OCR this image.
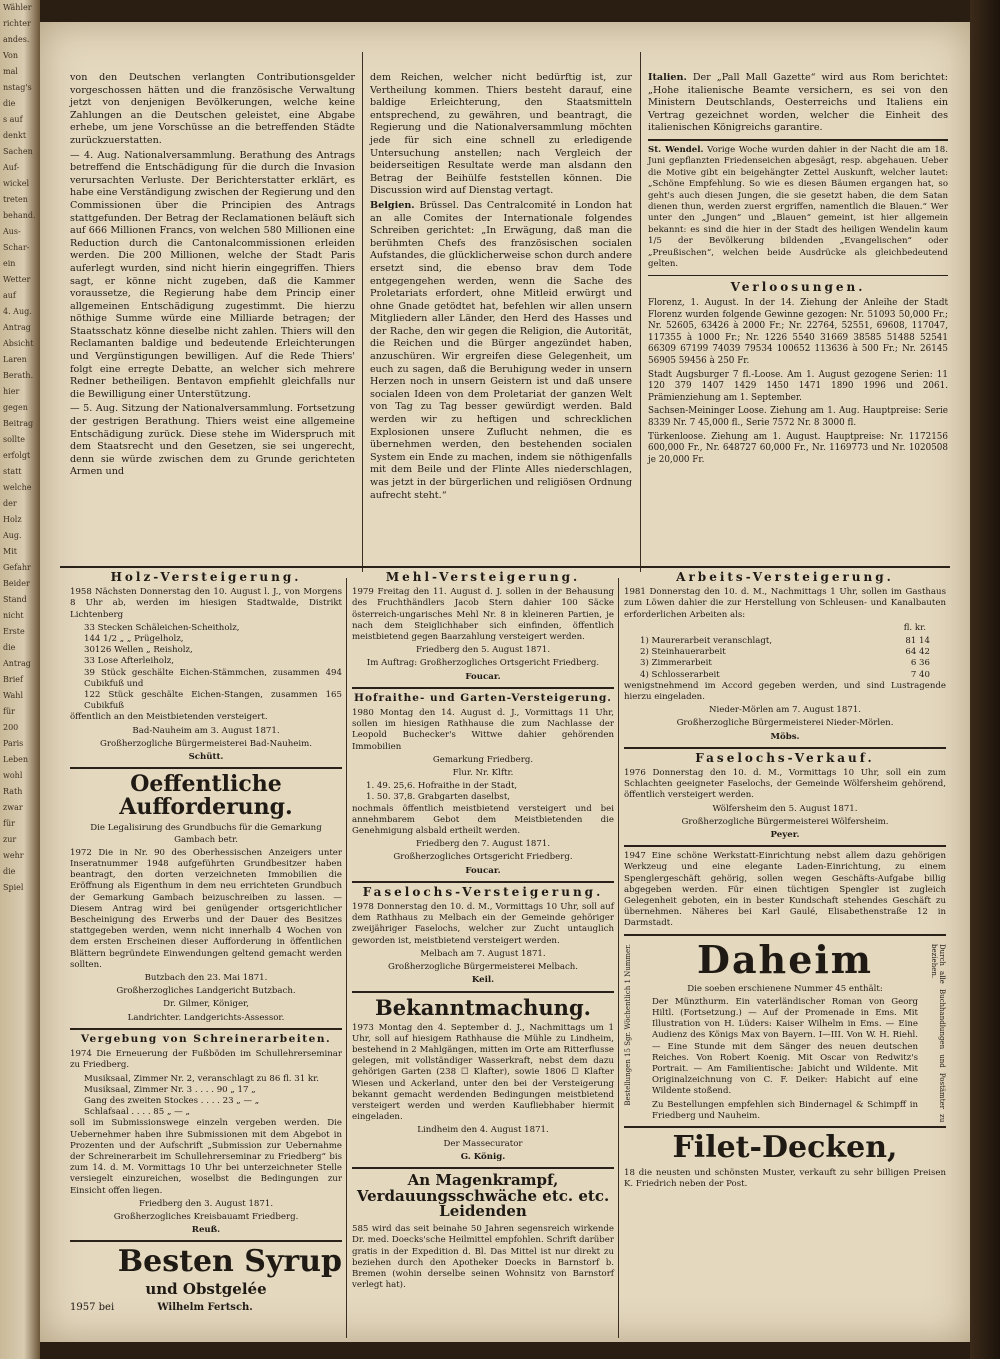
Wähler
richter
andes.
Von
mal
nstag's
die
s auf
denkt
Sachen
Auf-
wickel
treten
behand.
Aus-
Schar-
ein
Wetter
auf
4. Aug.
Antrag
Absicht
Laren
Berath.
hier
gegen
Beitrag
sollte
erfolgt
statt
welche
der
Holz
Aug.
Mit
Gefahr
Beider
Stand
nicht
Erste
die
Antrag
Brief
Wahl
für
200
Paris
Leben
wohl
Rath
zwar
für
zur
wehr
die
Spiel

von den Deutschen verlangten Contributionsgelder vorgeschossen hätten und die französische Verwaltung jetzt von denjenigen Bevölkerungen, welche keine Zahlungen an die Deutschen geleistet, eine Abgabe erhebe, um jene Vorschüsse an die betreffenden Städte zurückzuerstatten.

— 4. Aug. Nationalversammlung. Berathung des Antrags betreffend die Entschädigung für die durch die Invasion verursachten Verluste. Der Berichterstatter erklärt, es habe eine Verständigung zwischen der Regierung und den Commissionen über die Principien des Antrags stattgefunden. Der Betrag der Reclamationen beläuft sich auf 666 Millionen Francs, von welchen 580 Millionen eine Reduction durch die Cantonalcommissionen erleiden werden. Die 200 Millionen, welche der Stadt Paris auferlegt wurden, sind nicht hierin eingegriffen. Thiers sagt, er könne nicht zugeben, daß die Kammer voraussetze, die Regierung habe dem Princip einer allgemeinen Entschädigung zugestimmt. Die hierzu nöthige Summe würde eine Milliarde betragen; der Staatsschatz könne dieselbe nicht zahlen. Thiers will den Reclamanten baldige und bedeutende Erleichterungen und Vergünstigungen bewilligen. Auf die Rede Thiers' folgt eine erregte Debatte, an welcher sich mehrere Redner betheiligen. Bentavon empfiehlt gleichfalls nur die Bewilligung einer Unterstützung.

— 5. Aug. Sitzung der Nationalversammlung. Fortsetzung der gestrigen Berathung. Thiers weist eine allgemeine Entschädigung zurück. Diese stehe im Widerspruch mit dem Staatsrecht und den Gesetzen, sie sei ungerecht, denn sie würde zwischen dem zu Grunde gerichteten Armen und

dem Reichen, welcher nicht bedürftig ist, zur Vertheilung kommen. Thiers besteht darauf, eine baldige Erleichterung, den Staatsmitteln entsprechend, zu gewähren, und beantragt, die Regierung und die Nationalversammlung möchten jede für sich eine schnell zu erledigende Untersuchung anstellen; nach Vergleich der beiderseitigen Resultate werde man alsdann den Betrag der Beihülfe feststellen können. Die Discussion wird auf Dienstag vertagt.

Belgien. Brüssel. Das Centralcomité in London hat an alle Comites der Internationale folgendes Schreiben gerichtet: „In Erwägung, daß man die berühmten Chefs des französischen socialen Aufstandes, die glücklicherweise schon durch andere ersetzt sind, die ebenso brav dem Tode entgegengehen werden, wenn die Sache des Proletariats erfordert, ohne Mitleid erwürgt und ohne Gnade getödtet hat, befehlen wir allen unsern Mitgliedern aller Länder, den Herd des Hasses und der Rache, den wir gegen die Religion, die Autorität, die Reichen und die Bürger angezündet haben, anzuschüren. Wir ergreifen diese Gelegenheit, um euch zu sagen, daß die Beruhigung weder in unsern Herzen noch in unsern Geistern ist und daß unsere socialen Ideen von dem Proletariat der ganzen Welt von Tag zu Tag besser gewürdigt werden. Bald werden wir zu heftigen und schrecklichen Explosionen unsere Zuflucht nehmen, die es übernehmen werden, den bestehenden socialen System ein Ende zu machen, indem sie nöthigenfalls mit dem Beile und der Flinte Alles niederschlagen, was jetzt in der bürgerlichen und religiösen Ordnung aufrecht steht.“

Italien. Der „Pall Mall Gazette“ wird aus Rom berichtet: „Hohe italienische Beamte versichern, es sei von den Ministern Deutschlands, Oesterreichs und Italiens ein Vertrag gezeichnet worden, welcher die Einheit des italienischen Königreichs garantire.

St. Wendel. Vorige Woche wurden dahier in der Nacht die am 18. Juni gepflanzten Friedenseichen abgesägt, resp. abgehauen. Ueber die Motive gibt ein beigehängter Zettel Auskunft, welcher lautet: „Schöne Empfehlung. So wie es diesen Bäumen ergangen hat, so geht's auch diesen Jungen, die sie gesetzt haben, die dem Satan dienen thun, werden zuerst ergriffen, namentlich die Blauen.“ Wer unter den „Jungen“ und „Blauen“ gemeint, ist hier allgemein bekannt: es sind die hier in der Stadt des heiligen Wendelin kaum 1/5 der Bevölkerung bildenden „Evangelischen“ oder „Preußischen“, welchen beide Ausdrücke als gleichbedeutend gelten.

Verloosungen.

Florenz, 1. August. In der 14. Ziehung der Anleihe der Stadt Florenz wurden folgende Gewinne gezogen: Nr. 51093 50,000 Fr.; Nr. 52605, 63426 à 2000 Fr.; Nr. 22764, 52551, 69608, 117047, 117355 à 1000 Fr.; Nr. 1226 5540 31669 38585 51488 52541 66309 67199 74039 79534 100652 113636 à 500 Fr.; Nr. 26145 56905 59456 à 250 Fr.

Stadt Augsburger 7 fl.-Loose. Am 1. August gezogene Serien: 11 120 379 1407 1429 1450 1471 1890 1996 und 2061. Prämienziehung am 1. September.

Sachsen-Meininger Loose. Ziehung am 1. Aug. Hauptpreise: Serie 8339 Nr. 7 45,000 fl., Serie 7572 Nr. 8 3000 fl.

Türkenloose. Ziehung am 1. August. Hauptpreise: Nr. 1172156 600,000 Fr., Nr. 648727 60,000 Fr., Nr. 1169773 und Nr. 1020508 je 20,000 Fr.

Holz-Versteigerung.

1958 Nächsten Donnerstag den 10. August l. J., von Morgens 8 Uhr ab, werden im hiesigen Stadtwalde, Distrikt Lichtenberg

33 Stecken Schäleichen-Scheitholz,
144 1/2 „ „ Prügelholz,
30126 Wellen „ Reisholz,
33 Lose Afterleiholz,
39 Stück geschälte Eichen-Stämmchen, zusammen 494 Cubikfuß und
122 Stück geschälte Eichen-Stangen, zusammen 165 Cubikfuß

öffentlich an den Meistbietenden versteigert.

Bad-Nauheim am 3. August 1871.

Großherzogliche Bürgermeisterei Bad-Nauheim.

Schütt.

Oeffentliche Aufforderung.

Die Legalisirung des Grundbuchs für die Gemarkung Gambach betr.

1972 Die in Nr. 90 des Oberhessischen Anzeigers unter Inseratnummer 1948 aufgeführten Grundbesitzer haben beantragt, den dorten verzeichneten Immobilien die Eröffnung als Eigenthum in dem neu errichteten Grundbuch der Gemarkung Gambach beizuschreiben zu lassen. — Diesem Antrag wird bei genügender ortsgerichtlicher Bescheinigung des Erwerbs und der Dauer des Besitzes stattgegeben werden, wenn nicht innerhalb 4 Wochen von dem ersten Erscheinen dieser Aufforderung in öffentlichen Blättern begründete Einwendungen geltend gemacht werden sollten.

Butzbach den 23. Mai 1871.

Großherzogliches Landgericht Butzbach.

Dr. Gilmer, Königer,

Landrichter. Landgerichts-Assessor.

Vergebung von Schreinerarbeiten.

1974 Die Erneuerung der Fußböden im Schullehrerseminar zu Friedberg.

Musiksaal, Zimmer Nr. 2, veranschlagt zu 86 fl. 31 kr.
Musiksaal, Zimmer Nr. 3 . . . . 90 „ 17 „
Gang des zweiten Stockes . . . . 23 „ — „
Schlafsaal . . . . 85 „ — „

soll im Submissionswege einzeln vergeben werden. Die Uebernehmer haben ihre Submissionen mit dem Abgebot in Prozenten und der Aufschrift „Submission zur Uebernahme der Schreinerarbeit im Schullehrerseminar zu Friedberg“ bis zum 14. d. M. Vormittags 10 Uhr bei unterzeichneter Stelle versiegelt einzureichen, woselbst die Bedingungen zur Einsicht offen liegen.

Friedberg den 3. August 1871.

Großherzogliches Kreisbauamt Friedberg.

Reuß.

Besten Syrup
und Obstgelée

1957 bei	Wilhelm Fertsch.

Mehl-Versteigerung.

1979 Freitag den 11. August d. J. sollen in der Behausung des Fruchthändlers Jacob Stern dahier 100 Säcke österreich-ungarisches Mehl Nr. 8 in kleineren Partien, je nach dem Steiglichhaber sich einfinden, öffentlich meistbietend gegen Baarzahlung versteigert werden.

Friedberg den 5. August 1871.

Im Auftrag: Großherzogliches Ortsgericht Friedberg.

Foucar.

Hofraithe- und Garten-Versteigerung.

1980 Montag den 14. August d. J., Vormittags 11 Uhr, sollen im hiesigen Rathhause die zum Nachlasse der Leopold Buchecker's Wittwe dahier gehörenden Immobilien

Gemarkung Friedberg.

Flur. Nr. Klftr.

1. 49. 25,6. Hofraithe in der Stadt,
1. 50. 37,8. Grabgarten daselbst,

nochmals öffentlich meistbietend versteigert und bei annehmbarem Gebot dem Meistbietenden die Genehmigung alsbald ertheilt werden.

Friedberg den 7. August 1871.

Großherzogliches Ortsgericht Friedberg.

Foucar.

Faselochs-Versteigerung.

1978 Donnerstag den 10. d. M., Vormittags 10 Uhr, soll auf dem Rathhaus zu Melbach ein der Gemeinde gehöriger zweijähriger Faselochs, welcher zur Zucht untauglich geworden ist, meistbietend versteigert werden.

Melbach am 7. August 1871.

Großherzogliche Bürgermeisterei Melbach.

Keil.

Bekanntmachung.

1973 Montag den 4. September d. J., Nachmittags um 1 Uhr, soll auf hiesigem Rathhause die Mühle zu Lindheim, bestehend in 2 Mahlgängen, mitten im Orte am Ritterflusse gelegen, mit vollständiger Wasserkraft, nebst dem dazu gehörigen Garten (238 ☐ Klafter), sowie 1806 ☐ Klafter Wiesen und Ackerland, unter den bei der Versteigerung bekannt gemacht werdenden Bedingungen meistbietend versteigert werden und werden Kaufliebhaber hiermit eingeladen.

Lindheim den 4. August 1871.

Der Massecurator

G. König.

An Magenkrampf, Verdauungsschwäche etc. etc. Leidenden

585 wird das seit beinahe 50 Jahren segensreich wirkende Dr. med. Doecks'sche Heilmittel empfohlen. Schrift darüber gratis in der Expedition d. Bl. Das Mittel ist nur direkt zu beziehen durch den Apotheker Doecks in Barnstorf b. Bremen (wohin derselbe seinen Wohnsitz von Barnstorf verlegt hat).

Arbeits-Versteigerung.

1981 Donnerstag den 10. d. M., Nachmittags 1 Uhr, sollen im Gasthaus zum Löwen dahier die zur Herstellung von Schleusen- und Kanalbauten erforderlichen Arbeiten als:

fl. kr.

1) Maurerarbeit veranschlagt,	81 14
2) Steinhauerarbeit	64 42
3) Zimmerarbeit	6 36
4) Schlosserarbeit	7 40

wenigstnehmend im Accord gegeben werden, und sind Lustragende hierzu eingeladen.

Nieder-Mörlen am 7. August 1871.

Großherzogliche Bürgermeisterei Nieder-Mörlen.

Möbs.

Faselochs-Verkauf.

1976 Donnerstag den 10. d. M., Vormittags 10 Uhr, soll ein zum Schlachten geeigneter Faselochs, der Gemeinde Wölfersheim gehörend, öffentlich versteigert werden.

Wölfersheim den 5. August 1871.

Großherzogliche Bürgermeisterei Wölfersheim.

Peyer.

1947 Eine schöne Werkstatt-Einrichtung nebst allem dazu gehörigen Werkzeug und eine elegante Laden-Einrichtung, zu einem Spenglergeschäft gehörig, sollen wegen Geschäfts-Aufgabe billig abgegeben werden. Für einen tüchtigen Spengler ist zugleich Gelegenheit geboten, ein in bester Kundschaft stehendes Geschäft zu übernehmen. Näheres bei Karl Gaulé, Elisabethenstraße 12 in Darmstadt.

Bestellungen 15 Sgr. Wöchentlich 1 Nummer.	Durch alle Buchhandlungen und Postämter zu beziehen.
Daheim

Die soeben erschienene Nummer 45 enthält:

Der Münzthurm. Ein vaterländischer Roman von Georg Hiltl. (Fortsetzung.) — Auf der Promenade in Ems. Mit Illustration von H. Lüders: Kaiser Wilhelm in Ems. — Eine Audienz des Königs Max von Bayern. I—III. Von W. H. Riehl. — Eine Stunde mit dem Sänger des neuen deutschen Reiches. Von Robert Koenig. Mit Oscar von Redwitz's Portrait. — Am Familientische: Jabicht und Wildente. Mit Originalzeichnung von C. F. Deiker: Habicht auf eine Wildente stoßend.

Zu Bestellungen empfehlen sich Bindernagel & Schimpff in Friedberg und Nauheim.

Filet-Decken,

18 die neusten und schönsten Muster, verkauft zu sehr billigen Preisen K. Friedrich neben der Post.
